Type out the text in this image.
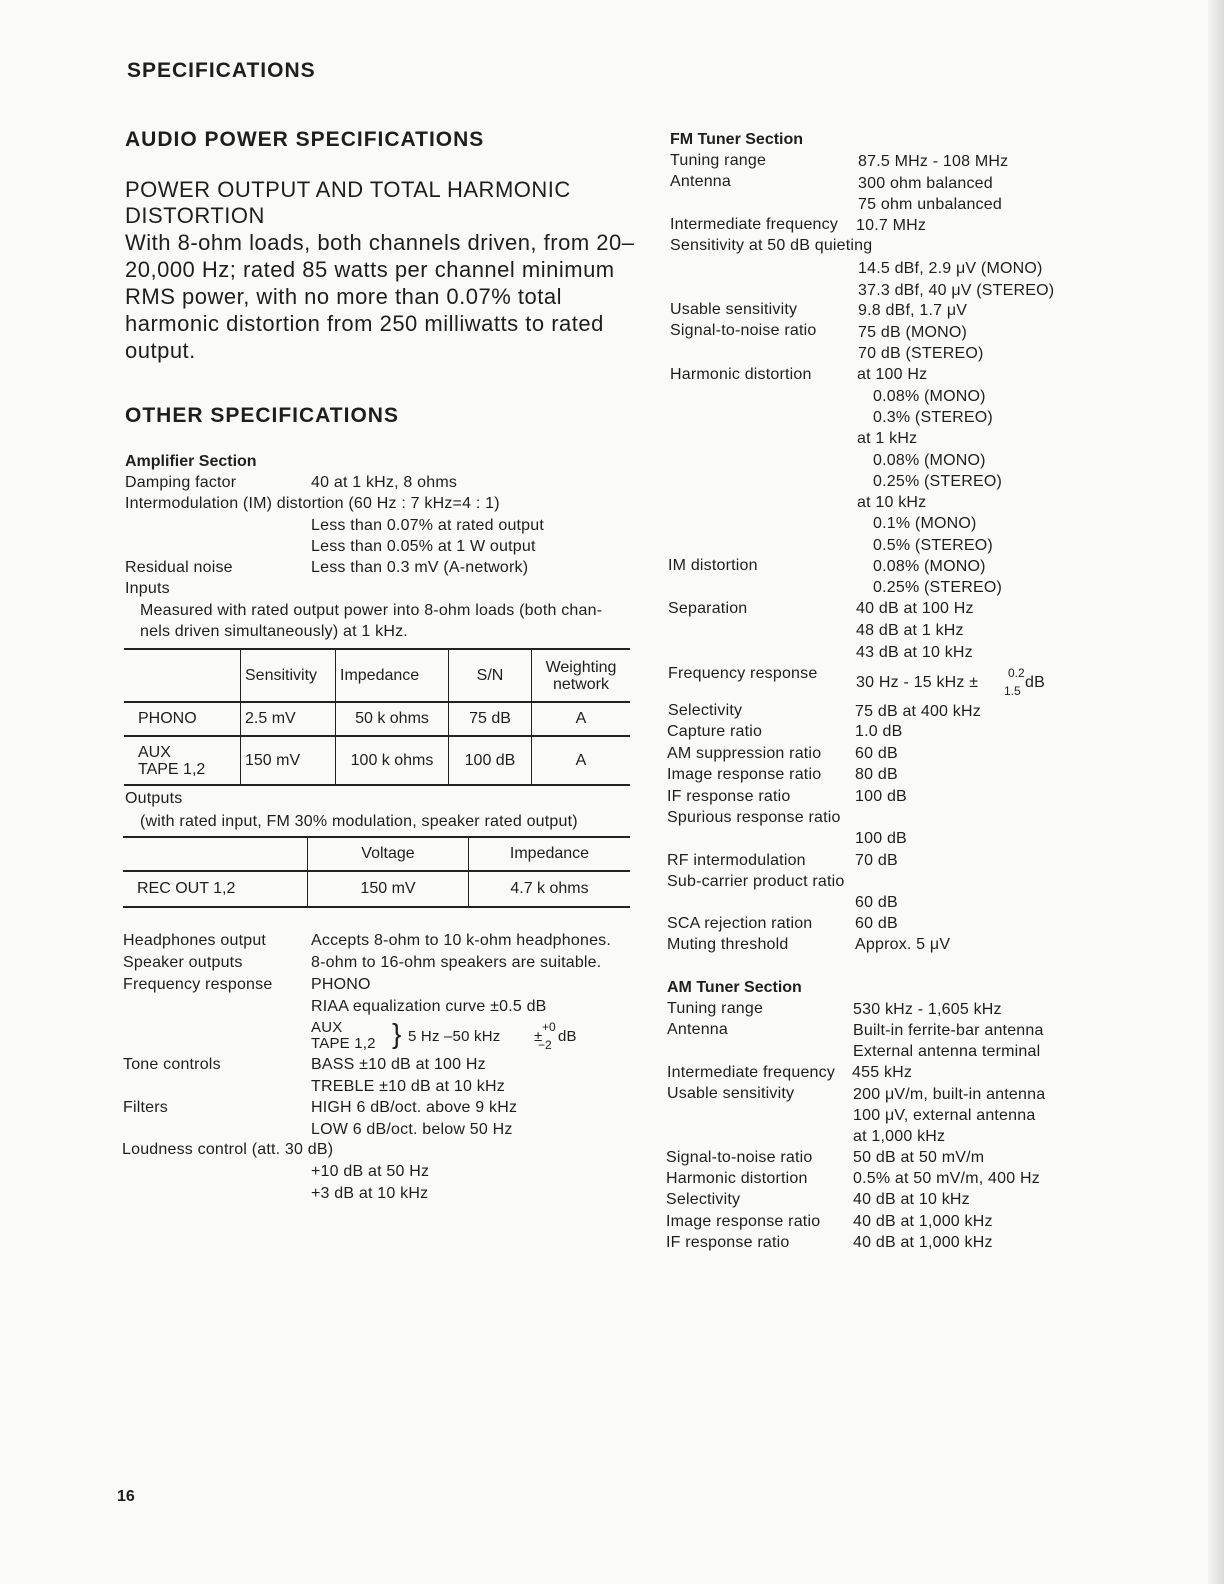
SPECIFICATIONS
AUDIO POWER SPECIFICATIONS
POWER OUTPUT AND TOTAL HARMONIC
DISTORTION
With 8-ohm loads, both channels driven, from 20–20,000 Hz; rated 85 watts per channel minimum RMS power, with no more than 0.07% total harmonic distortion from 250 milliwatts to rated output.
OTHER SPECIFICATIONS
Amplifier Section
Damping factor	40 at 1 kHz, 8 ohms
Intermodulation (IM) distortion (60 Hz : 7 kHz=4 : 1)
Less than 0.07% at rated output
Less than 0.05% at 1 W output
Residual noise	Less than 0.3 mV (A-network)
Inputs
Measured with rated output power into 8-ohm loads (both chan-
nels driven simultaneously) at 1 kHz.
	Sensitivity	Impedance	S/N	Weighting
network
PHONO	2.5 mV	50 k ohms	75 dB	A
AUX
TAPE 1,2	150 mV	100 k ohms	100 dB	A
Outputs
(with rated input, FM 30% modulation, speaker rated output)
	Voltage	Impedance
REC OUT 1,2	150 mV	4.7 k ohms
Headphones output	Accepts 8-ohm to 10 k-ohm headphones.
Speaker outputs	8-ohm to 16-ohm speakers are suitable.
Frequency response PHONO
RIAA equalization curve ±0.5 dB
AUX
TAPE 1,2 } 5 Hz –50 kHz ±
+0
−2 dB
Tone controls	BASS ±10 dB at 100 Hz
TREBLE ±10 dB at 10 kHz
Filters	HIGH 6 dB/oct. above 9 kHz
LOW 6 dB/oct. below 50 Hz
Loudness control (att. 30 dB)
+10 dB at 50 Hz
+3 dB at 10 kHz
16
FM Tuner Section
Tuning range	87.5 MHz - 108 MHz
Antenna	300 ohm balanced
75 ohm unbalanced
Intermediate frequency 10.7 MHz
Sensitivity at 50 dB quieting
14.5 dBf, 2.9 μV (MONO)
37.3 dBf, 40 μV (STEREO)
Usable sensitivity	9.8 dBf, 1.7 μV
Signal-to-noise ratio	75 dB (MONO)
70 dB (STEREO)
Harmonic distortion	at 100 Hz
0.08% (MONO)
0.3% (STEREO)
at 1 kHz
0.08% (MONO)
0.25% (STEREO)
at 10 kHz
0.1% (MONO)
0.5% (STEREO)
IM distortion	0.08% (MONO)
0.25% (STEREO)
Separation	40 dB at 100 Hz
48 dB at 1 kHz
43 dB at 10 kHz
Frequency response
30 Hz - 15 kHz ±
0.2
1.5 dB
Selectivity	75 dB at 400 kHz
Capture ratio	1.0 dB
AM suppression ratio 60 dB
Image response ratio 80 dB
IF response ratio	100 dB
Spurious response ratio
100 dB
RF intermodulation	70 dB
Sub-carrier product ratio
60 dB
SCA rejection ration	60 dB
Muting threshold	Approx. 5 μV
AM Tuner Section
Tuning range	530 kHz - 1,605 kHz
Antenna	Built-in ferrite-bar antenna
External antenna terminal
Intermediate frequency 455 kHz
Usable sensitivity	200 μV/m, built-in antenna
100 μV, external antenna
at 1,000 kHz
Signal-to-noise ratio	50 dB at 50 mV/m
Harmonic distortion	0.5% at 50 mV/m, 400 Hz
Selectivity	40 dB at 10 kHz
Image response ratio 40 dB at 1,000 kHz
IF response ratio	40 dB at 1,000 kHz
